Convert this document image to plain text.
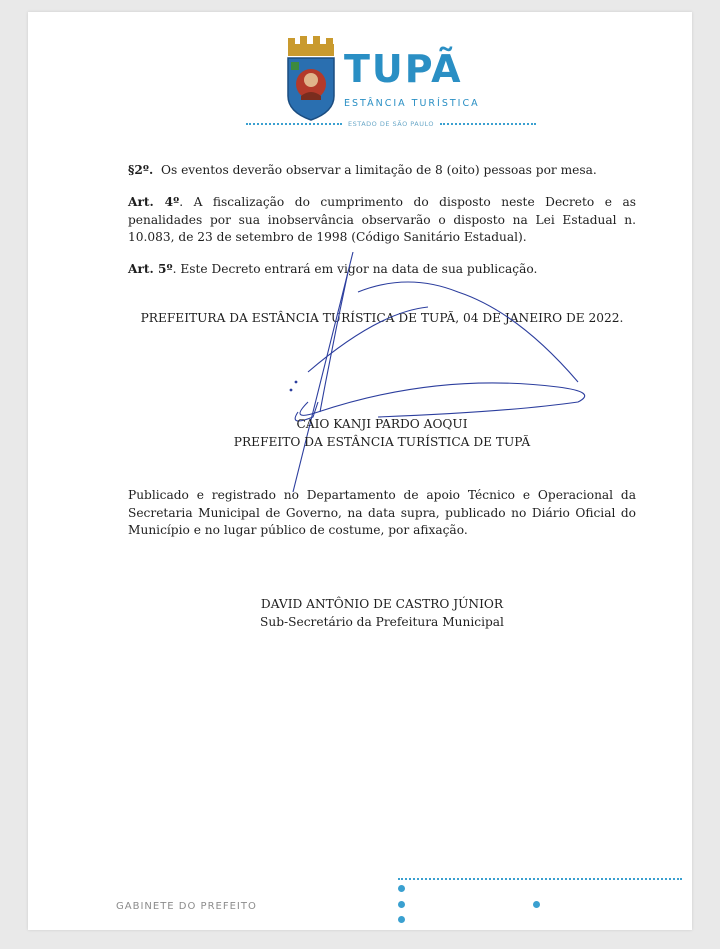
TUPÃ
ESTÂNCIA TURÍSTICA
ESTADO DE SÃO PAULO
§2º. Os eventos deverão observar a limitação de 8 (oito) pessoas por mesa.
Art. 4º. A fiscalização do cumprimento do disposto neste Decreto e as penalidades por sua inobservância observarão o disposto na Lei Estadual n. 10.083, de 23 de setembro de 1998 (Código Sanitário Estadual).
Art. 5º. Este Decreto entrará em vigor na data de sua publicação.
PREFEITURA DA ESTÂNCIA TURÍSTICA DE TUPÃ, 04 DE JANEIRO DE 2022.
CAIO KANJI PARDO AOQUI
PREFEITO DA ESTÂNCIA TURÍSTICA DE TUPÃ
Publicado e registrado no Departamento de apoio Técnico e Operacional da Secretaria Municipal de Governo, na data supra, publicado no Diário Oficial do Município e no lugar público de costume, por afixação.
DAVID ANTÔNIO DE CASTRO JÚNIOR
Sub-Secretário da Prefeitura Municipal
GABINETE DO PREFEITO
